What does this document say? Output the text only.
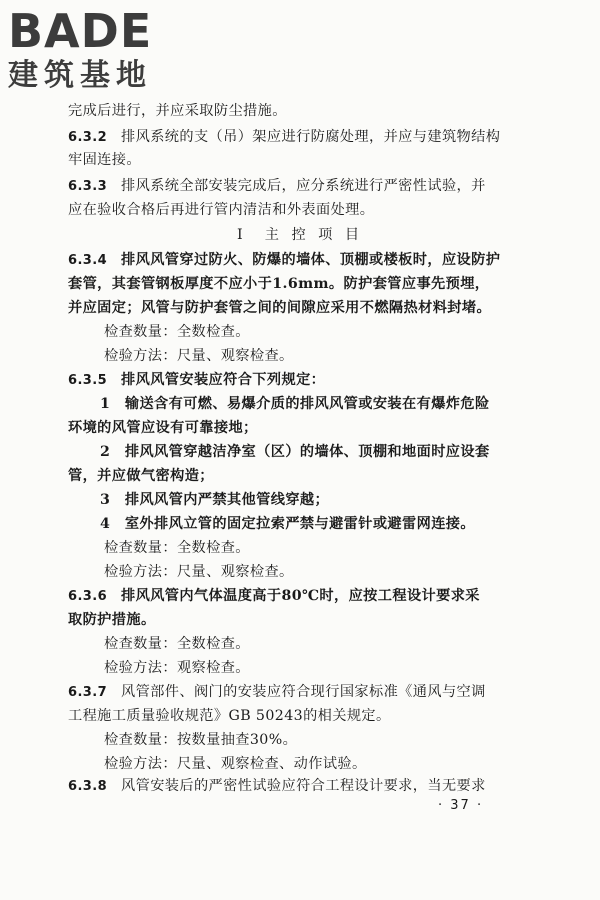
BADE
建筑基地
完成后进行，并应采取防尘措施。
6.3.2 排风系统的支（吊）架应进行防腐处理，并应与建筑物结构
牢固连接。
6.3.3 排风系统全部安装完成后，应分系统进行严密性试验，并
应在验收合格后再进行管内清洁和外表面处理。
I　主 控 项 目
6.3.4 排风风管穿过防火、防爆的墙体、顶棚或楼板时，应设防护
套管，其套管钢板厚度不应小于1.6mm。防护套管应事先预埋，
并应固定；风管与防护套管之间的间隙应采用不燃隔热材料封堵。
检查数量：全数检查。
检验方法：尺量、观察检查。
6.3.5 排风风管安装应符合下列规定：
1　输送含有可燃、易爆介质的排风风管或安装在有爆炸危险
环境的风管应设有可靠接地；
2　排风风管穿越洁净室（区）的墙体、顶棚和地面时应设套
管，并应做气密构造；
3　排风风管内严禁其他管线穿越；
4　室外排风立管的固定拉索严禁与避雷针或避雷网连接。
检查数量：全数检查。
检验方法：尺量、观察检查。
6.3.6 排风风管内气体温度高于80℃时，应按工程设计要求采
取防护措施。
检查数量：全数检查。
检验方法：观察检查。
6.3.7 风管部件、阀门的安装应符合现行国家标准《通风与空调
工程施工质量验收规范》GB 50243的相关规定。
检查数量：按数量抽查30%。
检验方法：尺量、观察检查、动作试验。
6.3.8 风管安装后的严密性试验应符合工程设计要求，当无要求
· 37 ·
